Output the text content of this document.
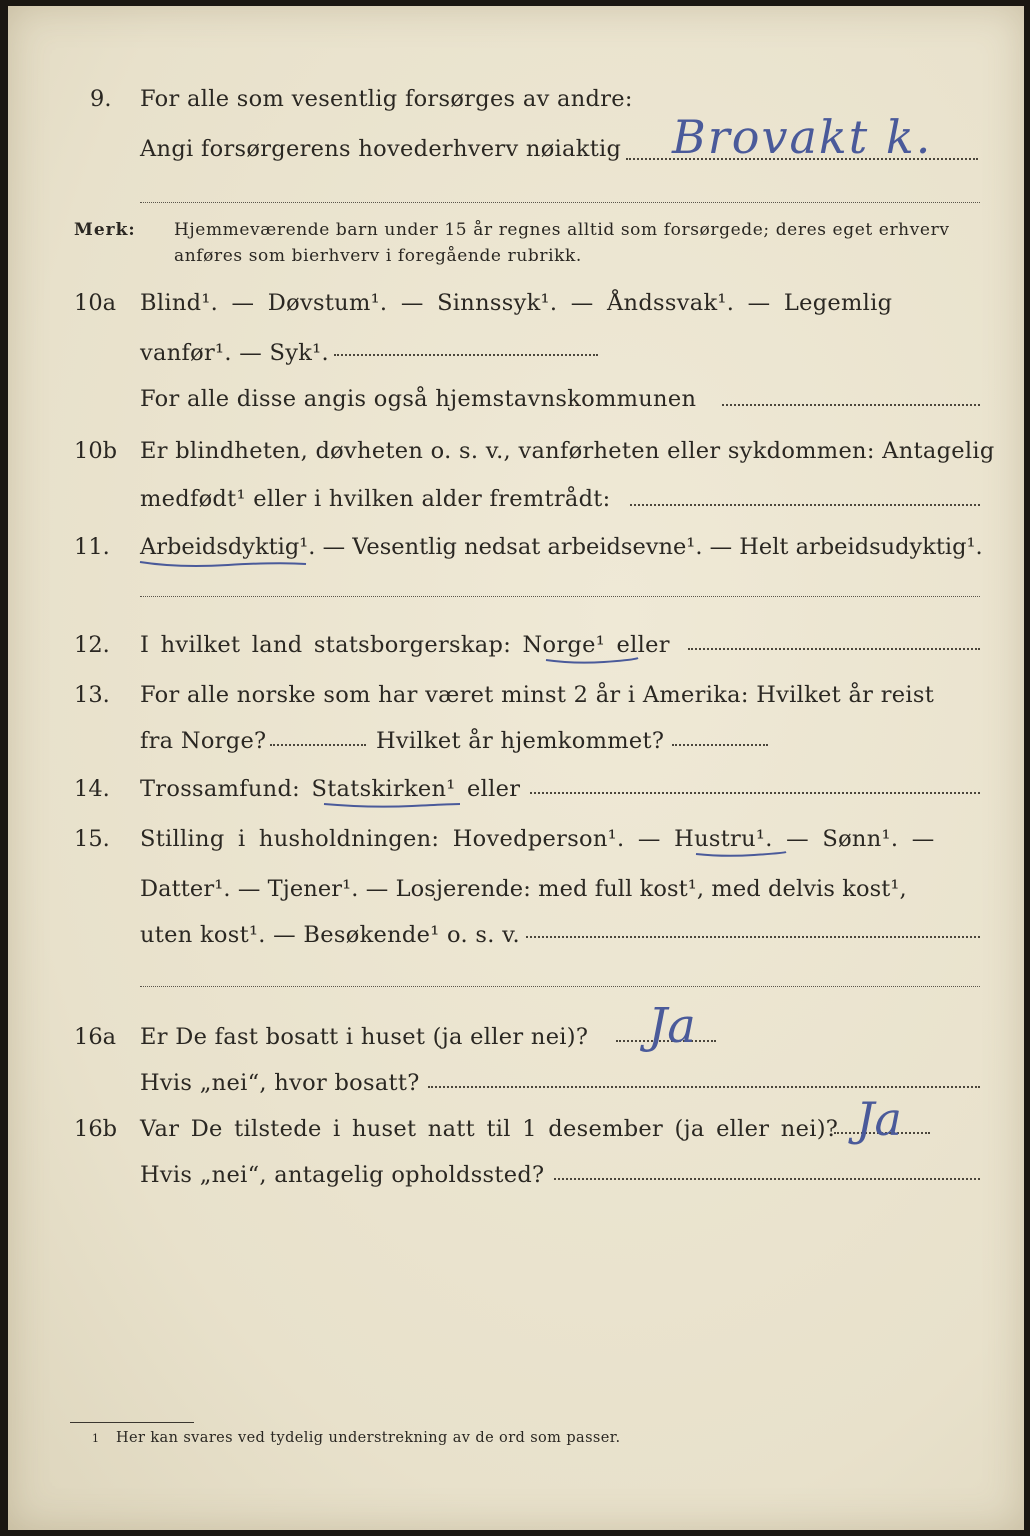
9. For alle som vesentlig forsørges av andre:
Angi forsørgerens hovederhverv nøiaktig Brovakt k.
Merk: Hjemmeværende barn under 15 år regnes alltid som forsørgede; deres eget erhverv
anføres som bierhverv i foregående rubrikk.
10a Blind¹. — Døvstum¹. — Sinnssyk¹. — Åndssvak¹. — Legemlig
vanfør¹. — Syk¹.
For alle disse angis også hjemstavnskommunen
10b Er blindheten, døvheten o. s. v., vanførheten eller sykdommen: Antagelig
medfødt¹ eller i hvilken alder fremtrådt:
11. Arbeidsdyktig¹. — Vesentlig nedsat arbeidsevne¹. — Helt arbeidsudyktig¹.
12. I hvilket land statsborgerskap: Norge¹ eller
13. For alle norske som har været minst 2 år i Amerika: Hvilket år reist
fra Norge?	Hvilket år hjemkommet?
14. Trossamfund: Statskirken¹ eller
15. Stilling i husholdningen: Hovedperson¹. — Hustru¹. — Sønn¹. —
Datter¹. — Tjener¹. — Losjerende: med full kost¹, med delvis kost¹,
uten kost¹. — Besøkende¹ o. s. v.
16a Er De fast bosatt i huset (ja eller nei)? Ja
Hvis „nei“, hvor bosatt?
16b Var De tilstede i huset natt til 1 desember (ja eller nei)? Ja
Hvis „nei“, antagelig opholdssted?
1 Her kan svares ved tydelig understrekning av de ord som passer.
